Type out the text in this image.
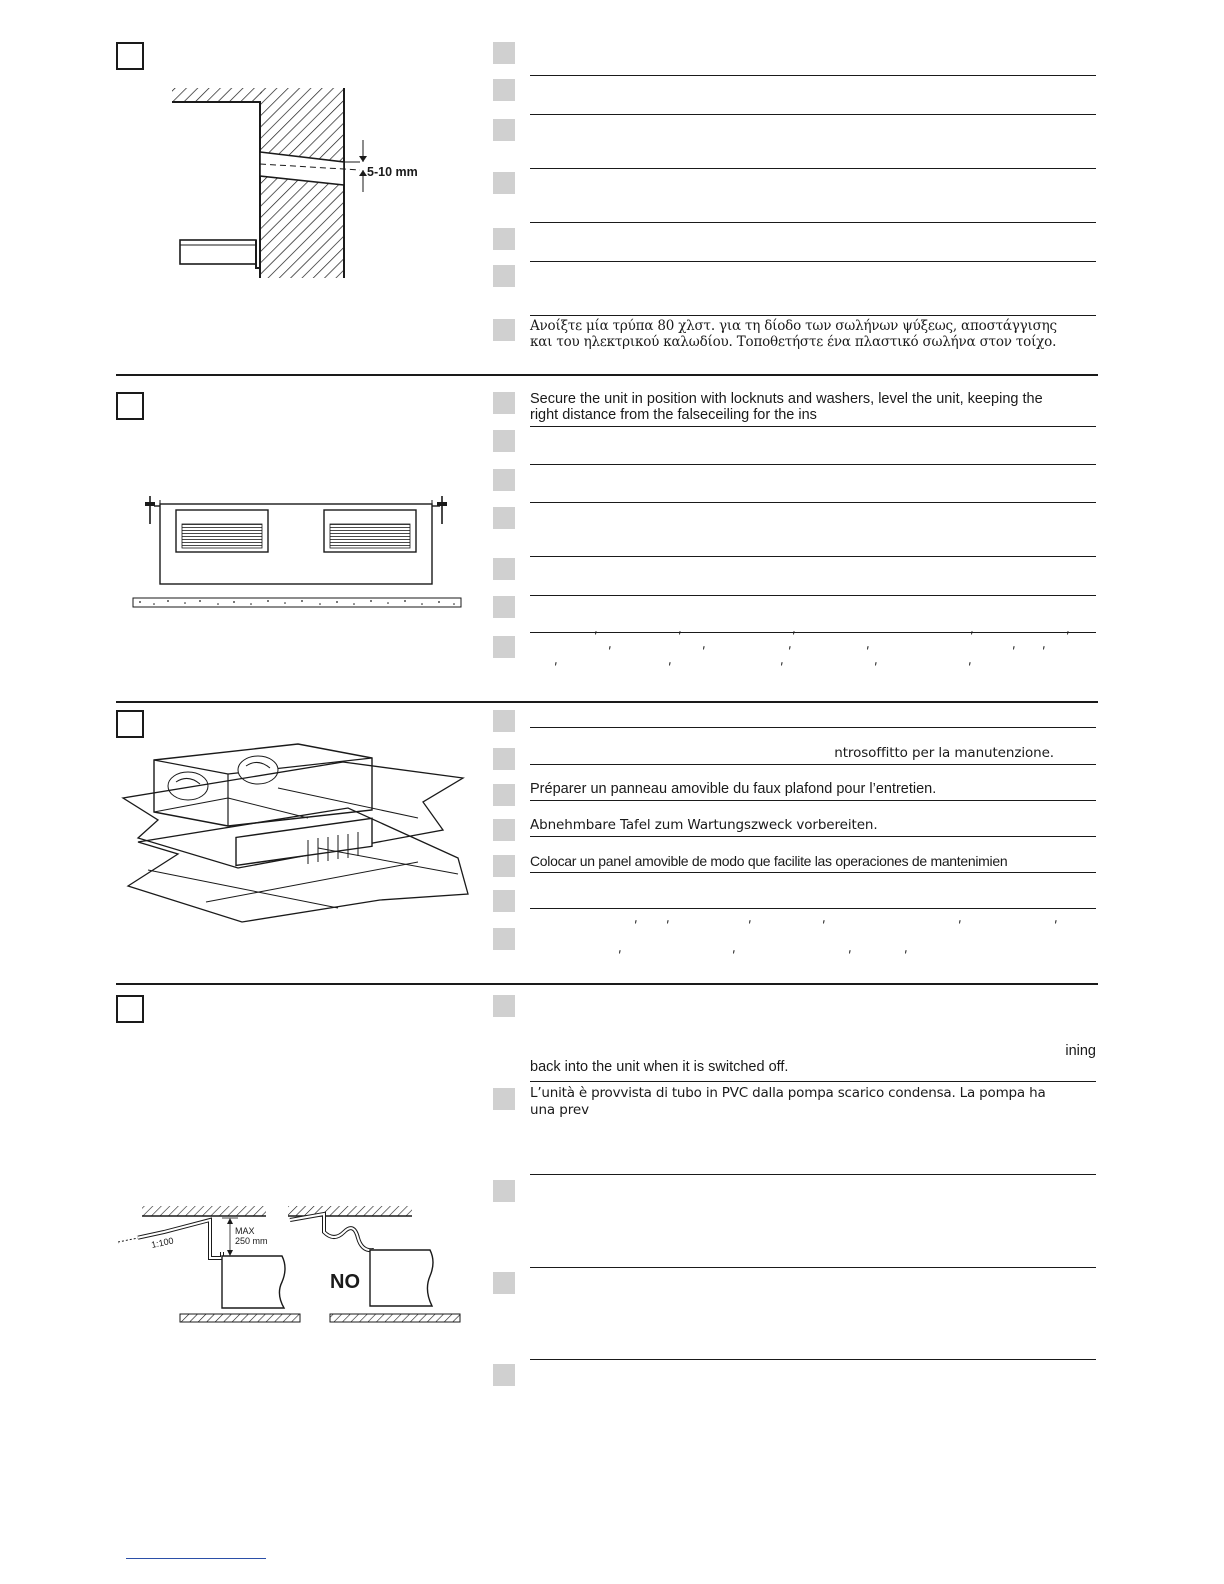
5-10 mm
Ανοίξτε μία τρύπα 80 χλστ. για τη δίοδο των σωλήνων ψύξεως, αποστάγγισης
και του ηλεκτρικού καλωδίου. Τοποθετήστε ένα πλαστικό σωλήνα στον τοίχο.
Secure the unit in position with locknuts and washers, level the unit, keeping the
right distance from the falseceiling for the ins
ʹ	ʹ	ʹ	ʹ	ʹ
ʹ	ʹ	ʹ	ʹ	ʹ ʹ
ʹ	ʹ	ʹ	ʹ	ʹ
ntrosoffitto per la manutenzione.
Préparer un panneau amovible du faux plafond pour l’entretien.
Abnehmbare Tafel zum Wartungszweck vorbereiten.
Colocar un panel amovible de modo que facilite las operaciones de mantenimien
ʹ ʹ	ʹ	ʹ	ʹ	ʹ
ʹ	ʹ	ʹ	ʹ
1:100
MAX
250 mm
NO
ining
back into the unit when it is switched off.
L’unità è provvista di tubo in PVC dalla pompa scarico condensa. La pompa ha
una prev
